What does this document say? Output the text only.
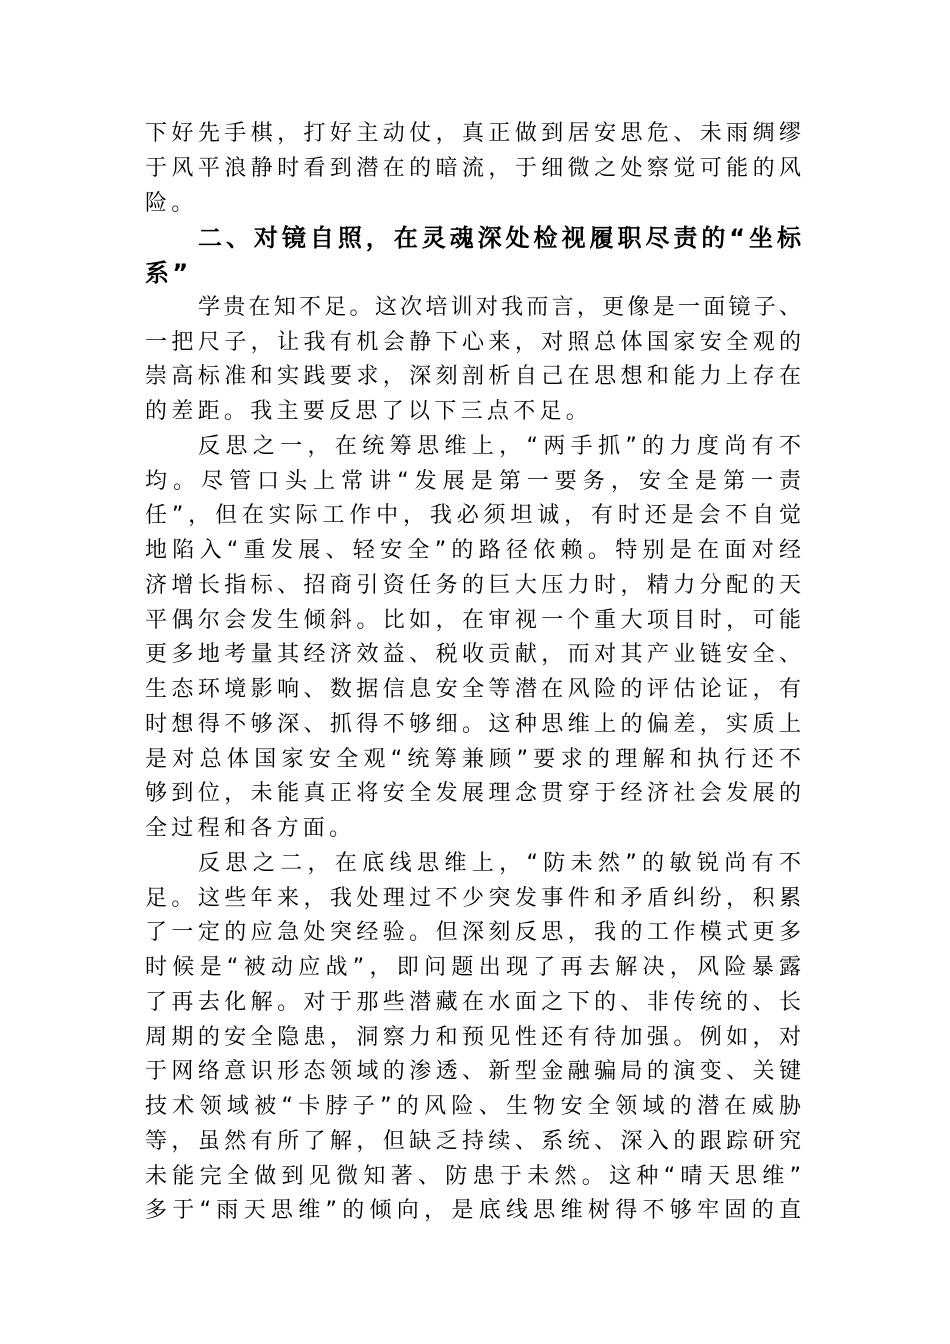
下好先手棋，打好主动仗，真正做到居安思危、未雨绸缪
于风平浪静时看到潜在的暗流，于细微之处察觉可能的风
险。
二、对镜自照，在灵魂深处检视履职尽责的“坐标
系”
学贵在知不足。这次培训对我而言，更像是一面镜子、
一把尺子，让我有机会静下心来，对照总体国家安全观的
崇高标准和实践要求，深刻剖析自己在思想和能力上存在
的差距。我主要反思了以下三点不足。
反思之一，在统筹思维上，“两手抓”的力度尚有不
均。尽管口头上常讲“发展是第一要务，安全是第一责
任”，但在实际工作中，我必须坦诚，有时还是会不自觉
地陷入“重发展、轻安全”的路径依赖。特别是在面对经
济增长指标、招商引资任务的巨大压力时，精力分配的天
平偶尔会发生倾斜。比如，在审视一个重大项目时，可能
更多地考量其经济效益、税收贡献，而对其产业链安全、
生态环境影响、数据信息安全等潜在风险的评估论证，有
时想得不够深、抓得不够细。这种思维上的偏差，实质上
是对总体国家安全观“统筹兼顾”要求的理解和执行还不
够到位，未能真正将安全发展理念贯穿于经济社会发展的
全过程和各方面。
反思之二，在底线思维上，“防未然”的敏锐尚有不
足。这些年来，我处理过不少突发事件和矛盾纠纷，积累
了一定的应急处突经验。但深刻反思，我的工作模式更多
时候是“被动应战”，即问题出现了再去解决，风险暴露
了再去化解。对于那些潜藏在水面之下的、非传统的、长
周期的安全隐患，洞察力和预见性还有待加强。例如，对
于网络意识形态领域的渗透、新型金融骗局的演变、关键
技术领域被“卡脖子”的风险、生物安全领域的潜在威胁
等，虽然有所了解，但缺乏持续、系统、深入的跟踪研究
未能完全做到见微知著、防患于未然。这种“晴天思维”
多于“雨天思维”的倾向，是底线思维树得不够牢固的直
